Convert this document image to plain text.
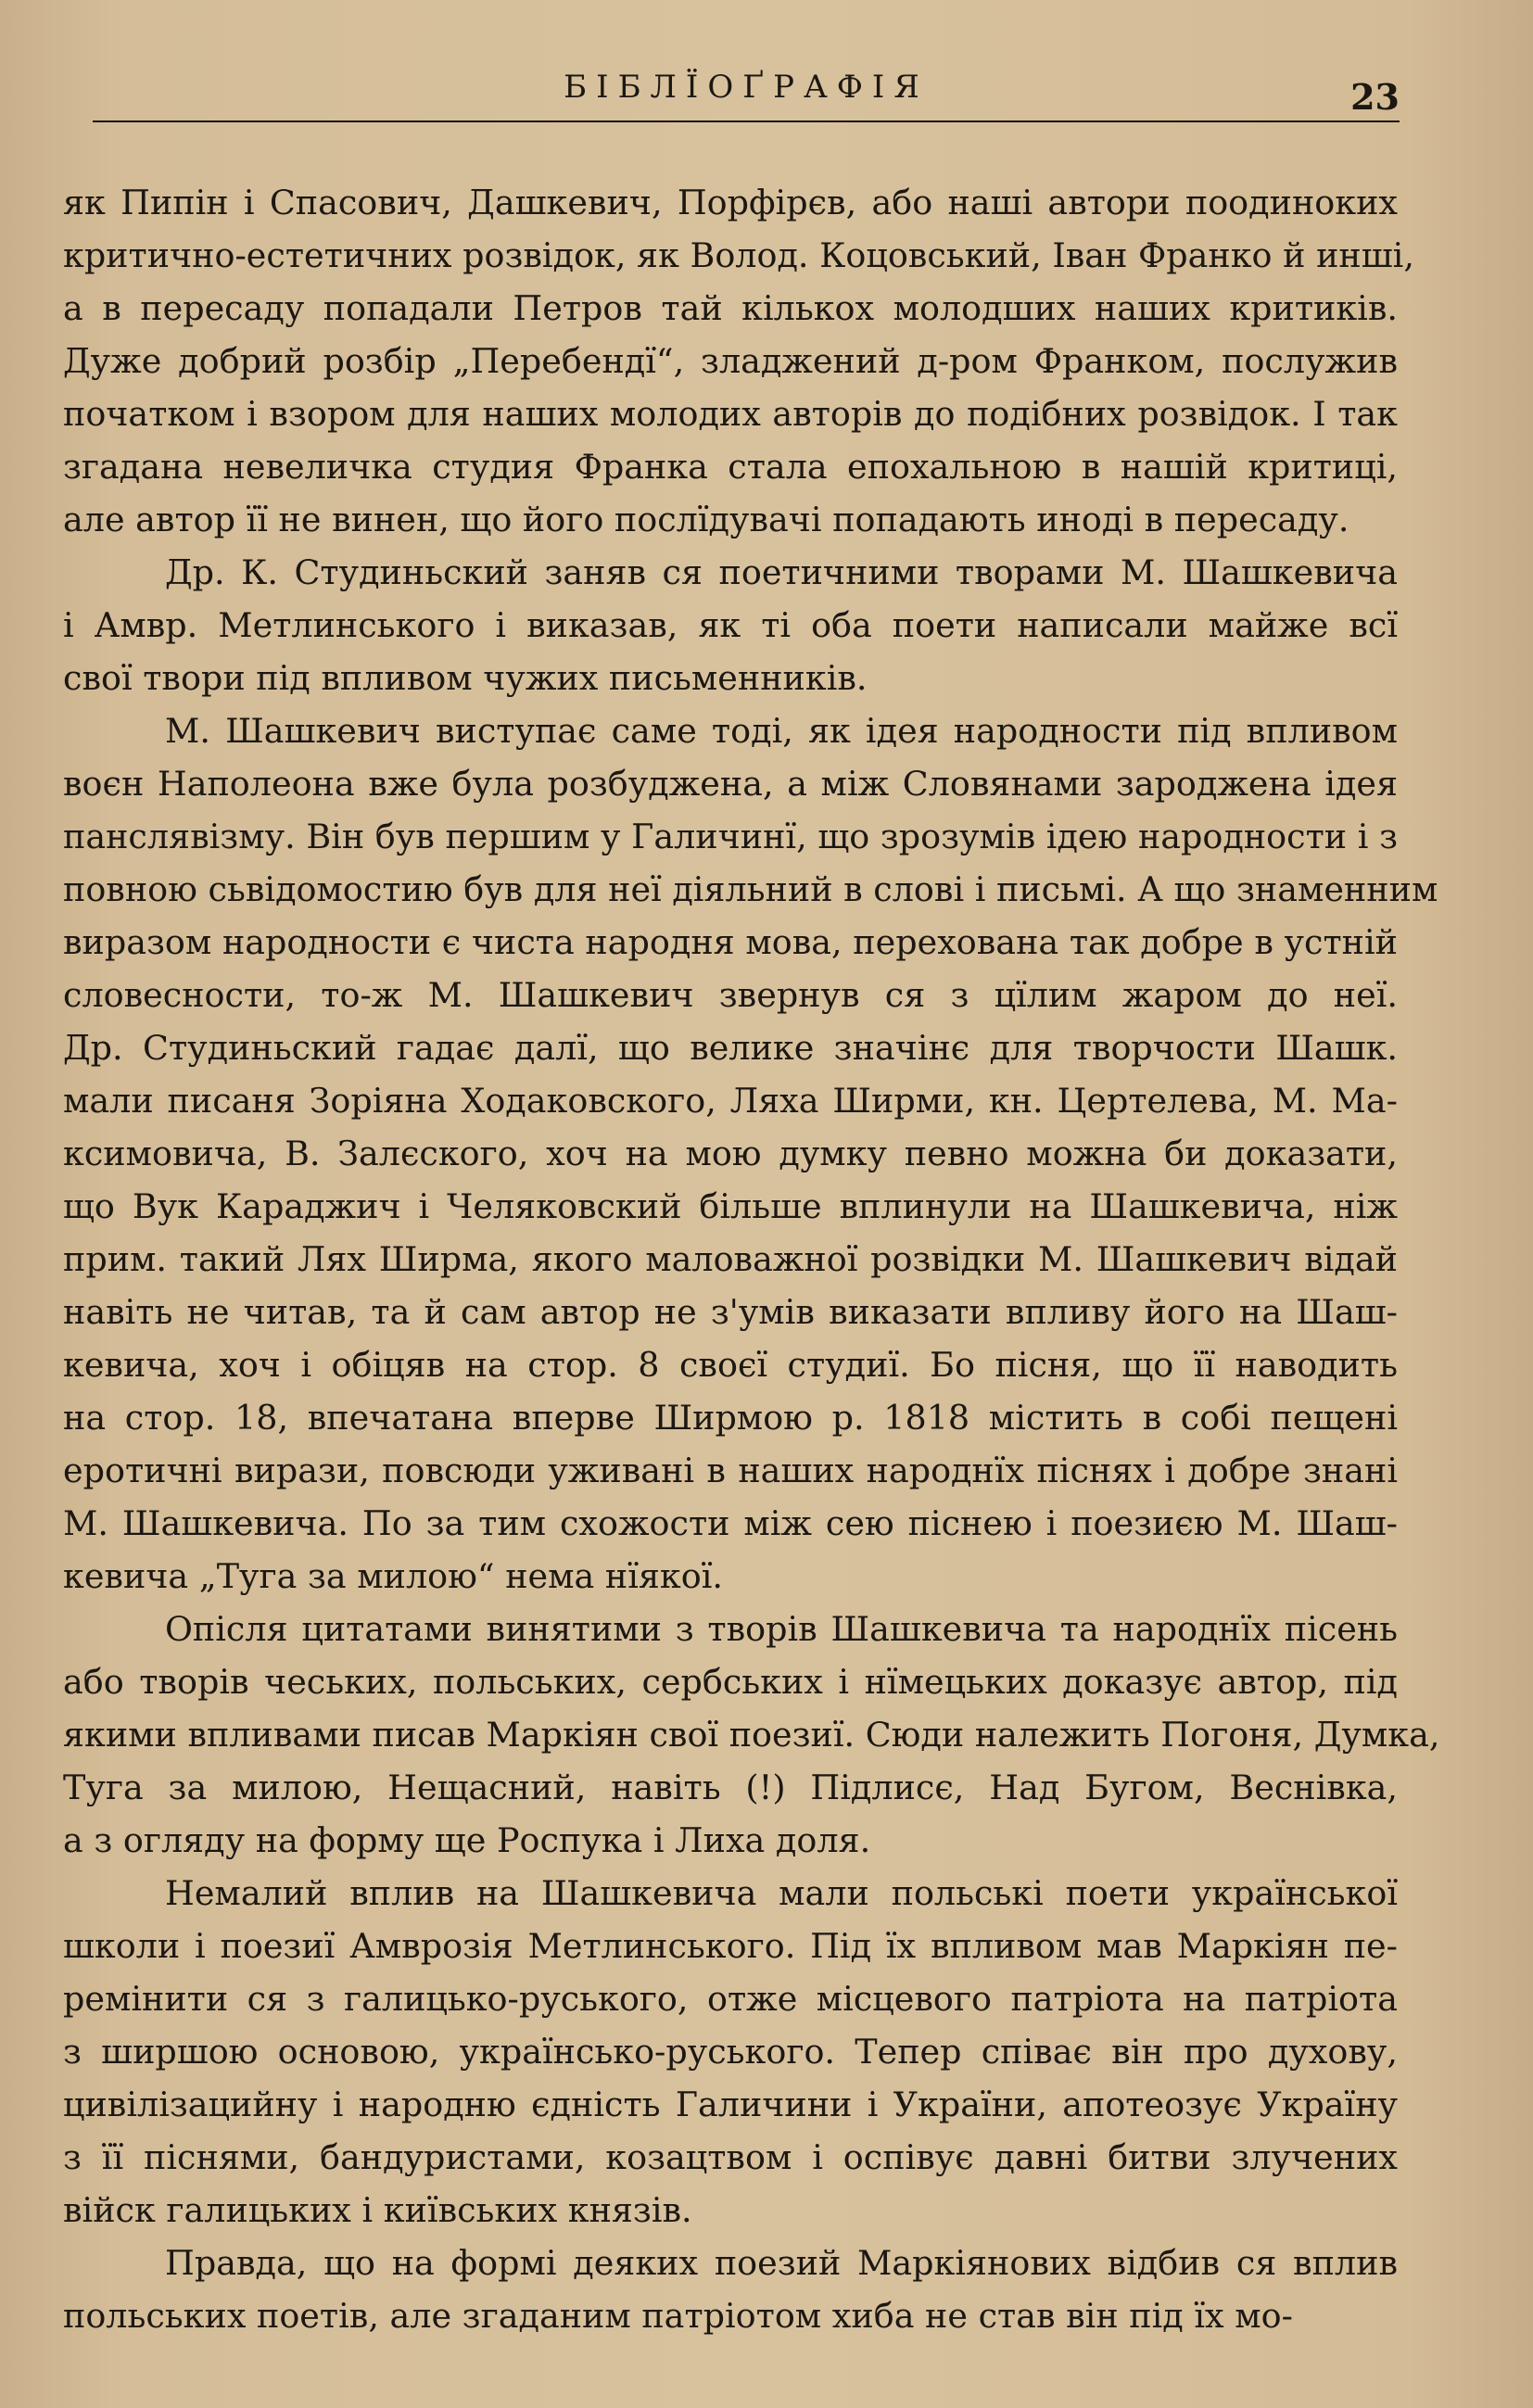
БІБЛЇОҐРАФІЯ	23
як Пипін і Спасович, Дашкевич, Порфірєв, або наші автори поодиноких
критично-естетичних розвідок, як Волод. Коцовський, Іван Франко й инші,
а в пересаду попадали Петров тай кількох молодших наших критиків.
Дуже добрий розбір „Перебендї“, зладжений д-ром Франком, послужив
початком і взором для наших молодих авторів до подібних розвідок. І так
згадана невеличка студия Франка стала епохальною в нашій критиці,
але автор її не винен, що його послїдувачі попадають иноді в пересаду.
Др. К. Студиньский заняв ся поетичними творами М. Шашкевича
і Амвр. Метлинського і виказав, як ті оба поети написали майже всї
свої твори під впливом чужих письменників.
М. Шашкевич виступає саме тоді, як ідея народности під впливом
воєн Наполеона вже була розбуджена, а між Словянами зароджена ідея
панслявізму. Він був першим у Галичинї, що зрозумів ідею народности і з
повною сьвідомостию був для неї діяльний в слові і письмі. А що знаменним
виразом народности є чиста народня мова, перехована так добре в устній
словесности, то-ж М. Шашкевич звернув ся з цїлим жаром до неї.
Др. Студиньский гадає далї, що велике значінє для творчости Шашк.
мали писаня Зоріяна Ходаковского, Ляха Ширми, кн. Цертелева, М. Ма-
ксимовича, В. Залєского, хоч на мою думку певно можна би доказати,
що Вук Караджич і Челяковский більше вплинули на Шашкевича, ніж
прим. такий Лях Ширма, якого маловажної розвідки М. Шашкевич відай
навіть не читав, та й сам автор не з'умів виказати впливу його на Шаш-
кевича, хоч і обіцяв на стор. 8 своєї студиї. Бо пісня, що її наводить
на стор. 18, впечатана вперве Ширмою р. 1818 містить в собі пещені
еротичні вирази, повсюди уживані в наших народнїх піснях і добре знані
М. Шашкевича. По за тим схожости між сею піснею і поезиєю М. Шаш-
кевича „Туга за милою“ нема нїякої.
Опісля цитатами винятими з творів Шашкевича та народнїх пісень
або творів чеських, польських, сербських і нїмецьких доказує автор, під
якими впливами писав Маркіян свої поезиї. Сюди належить Погоня, Думка,
Туга за милою, Нещасний, навіть (!) Підлисє, Над Бугом, Веснівка,
а з огляду на форму ще Роспука і Лиха доля.
Немалий вплив на Шашкевича мали польські поети української
школи і поезиї Амврозія Метлинського. Під їх впливом мав Маркіян пе-
ремінити ся з галицько-руського, отже місцевого патріота на патріота
з ширшою основою, українсько-руського. Тепер співає він про духову,
цивілізацийну і народню єдність Галичини і України, апотеозує Україну
з її піснями, бандуристами, козацтвом і оспівує давні битви злучених
війск галицьких і київських князів.
Правда, що на формі деяких поезий Маркіянових відбив ся вплив
польських поетів, але згаданим патріотом хиба не став він під їх мо-
